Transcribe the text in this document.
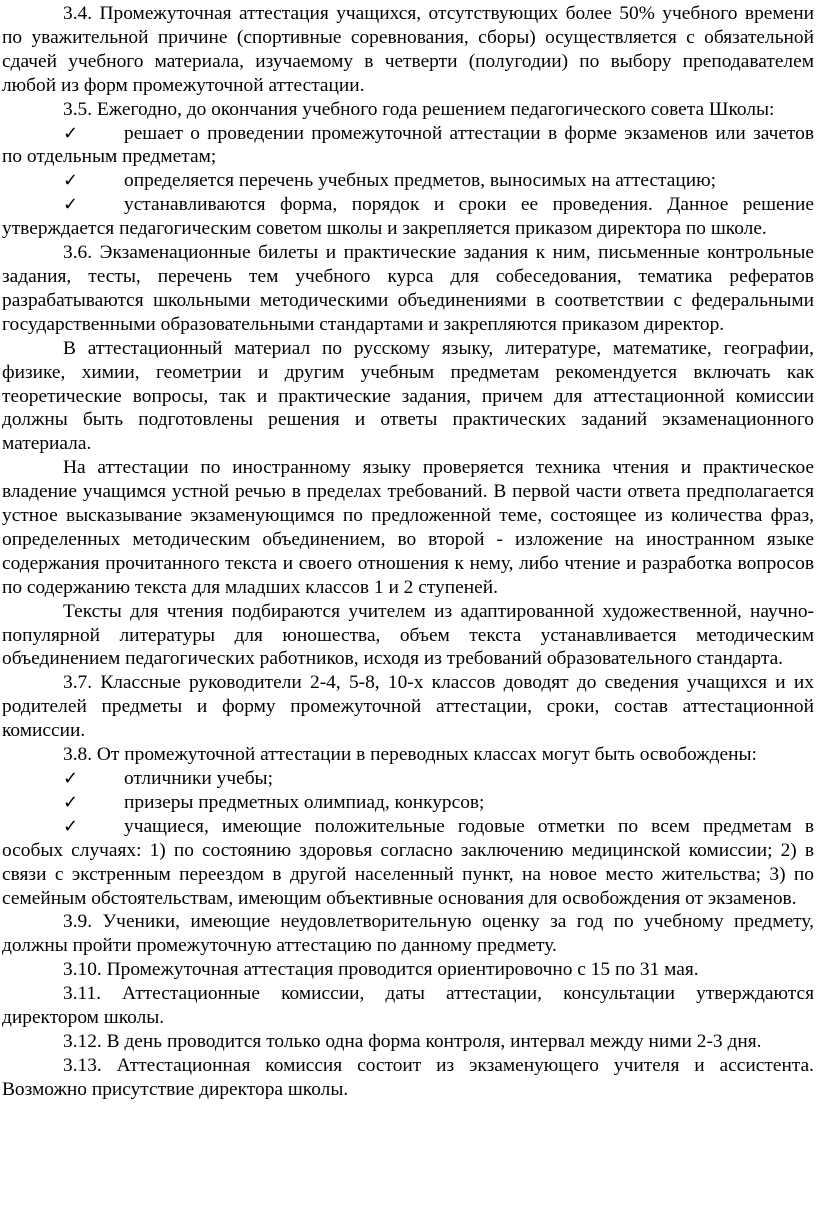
3.4. Промежуточная аттестация учащихся, отсутствующих более 50% учебного времени по уважительной причине (спортивные соревнования, сборы) осуществляется с обязательной сдачей учебного материала, изучаемому в четверти (полугодии) по выбору преподавателем любой из форм промежуточной аттестации.

3.5. Ежегодно, до окончания учебного года решением педагогического совета Школы:

✓ решает о проведении промежуточной аттестации в форме экзаменов или зачетов по отдельным предметам;

✓ определяется перечень учебных предметов, выносимых на аттестацию;

✓ устанавливаются форма, порядок и сроки ее проведения. Данное решение утверждается педагогическим советом школы и закрепляется приказом директора по школе.

3.6. Экзаменационные билеты и практические задания к ним, письменные контрольные задания, тесты, перечень тем учебного курса для собеседования, тематика рефератов разрабатываются школьными методическими объединениями в соответствии с федеральными государственными образовательными стандартами и закрепляются приказом директор.

В аттестационный материал по русскому языку, литературе, математике, географии, физике, химии, геометрии и другим учебным предметам рекомендуется включать как теоретические вопросы, так и практические задания, причем для аттестационной комиссии должны быть подготовлены решения и ответы практических заданий экзаменационного материала.

На аттестации по иностранному языку проверяется техника чтения и практическое владение учащимся устной речью в пределах требований. В первой части ответа предполагается устное высказывание экзаменующимся по предложенной теме, состоящее из количества фраз, определенных методическим объединением, во второй - изложение на иностранном языке содержания прочитанного текста и своего отношения к нему, либо чтение и разработка вопросов по содержанию текста для младших классов 1 и 2 ступеней.

Тексты для чтения подбираются учителем из адаптированной художественной, научно-популярной литературы для юношества, объем текста устанавливается методическим объединением педагогических работников, исходя из требований образовательного стандарта.

3.7. Классные руководители 2-4, 5-8, 10-х классов доводят до сведения учащихся и их родителей предметы и форму промежуточной аттестации, сроки, состав аттестационной комиссии.

3.8. От промежуточной аттестации в переводных классах могут быть освобождены:

✓ отличники учебы;

✓ призеры предметных олимпиад, конкурсов;

✓ учащиеся, имеющие положительные годовые отметки по всем предметам в особых случаях: 1) по состоянию здоровья согласно заключению медицинской комиссии; 2) в связи с экстренным переездом в другой населенный пункт, на новое место жительства; 3) по семейным обстоятельствам, имеющим объективные основания для освобождения от экзаменов.

3.9. Ученики, имеющие неудовлетворительную оценку за год по учебному предмету, должны пройти промежуточную аттестацию по данному предмету.

3.10. Промежуточная аттестация проводится ориентировочно с 15 по 31 мая.

3.11. Аттестационные комиссии, даты аттестации, консультации утверждаются директором школы.

3.12. В день проводится только одна форма контроля, интервал между ними 2-3 дня.

3.13. Аттестационная комиссия состоит из экзаменующего учителя и ассистента. Возможно присутствие директора школы.
